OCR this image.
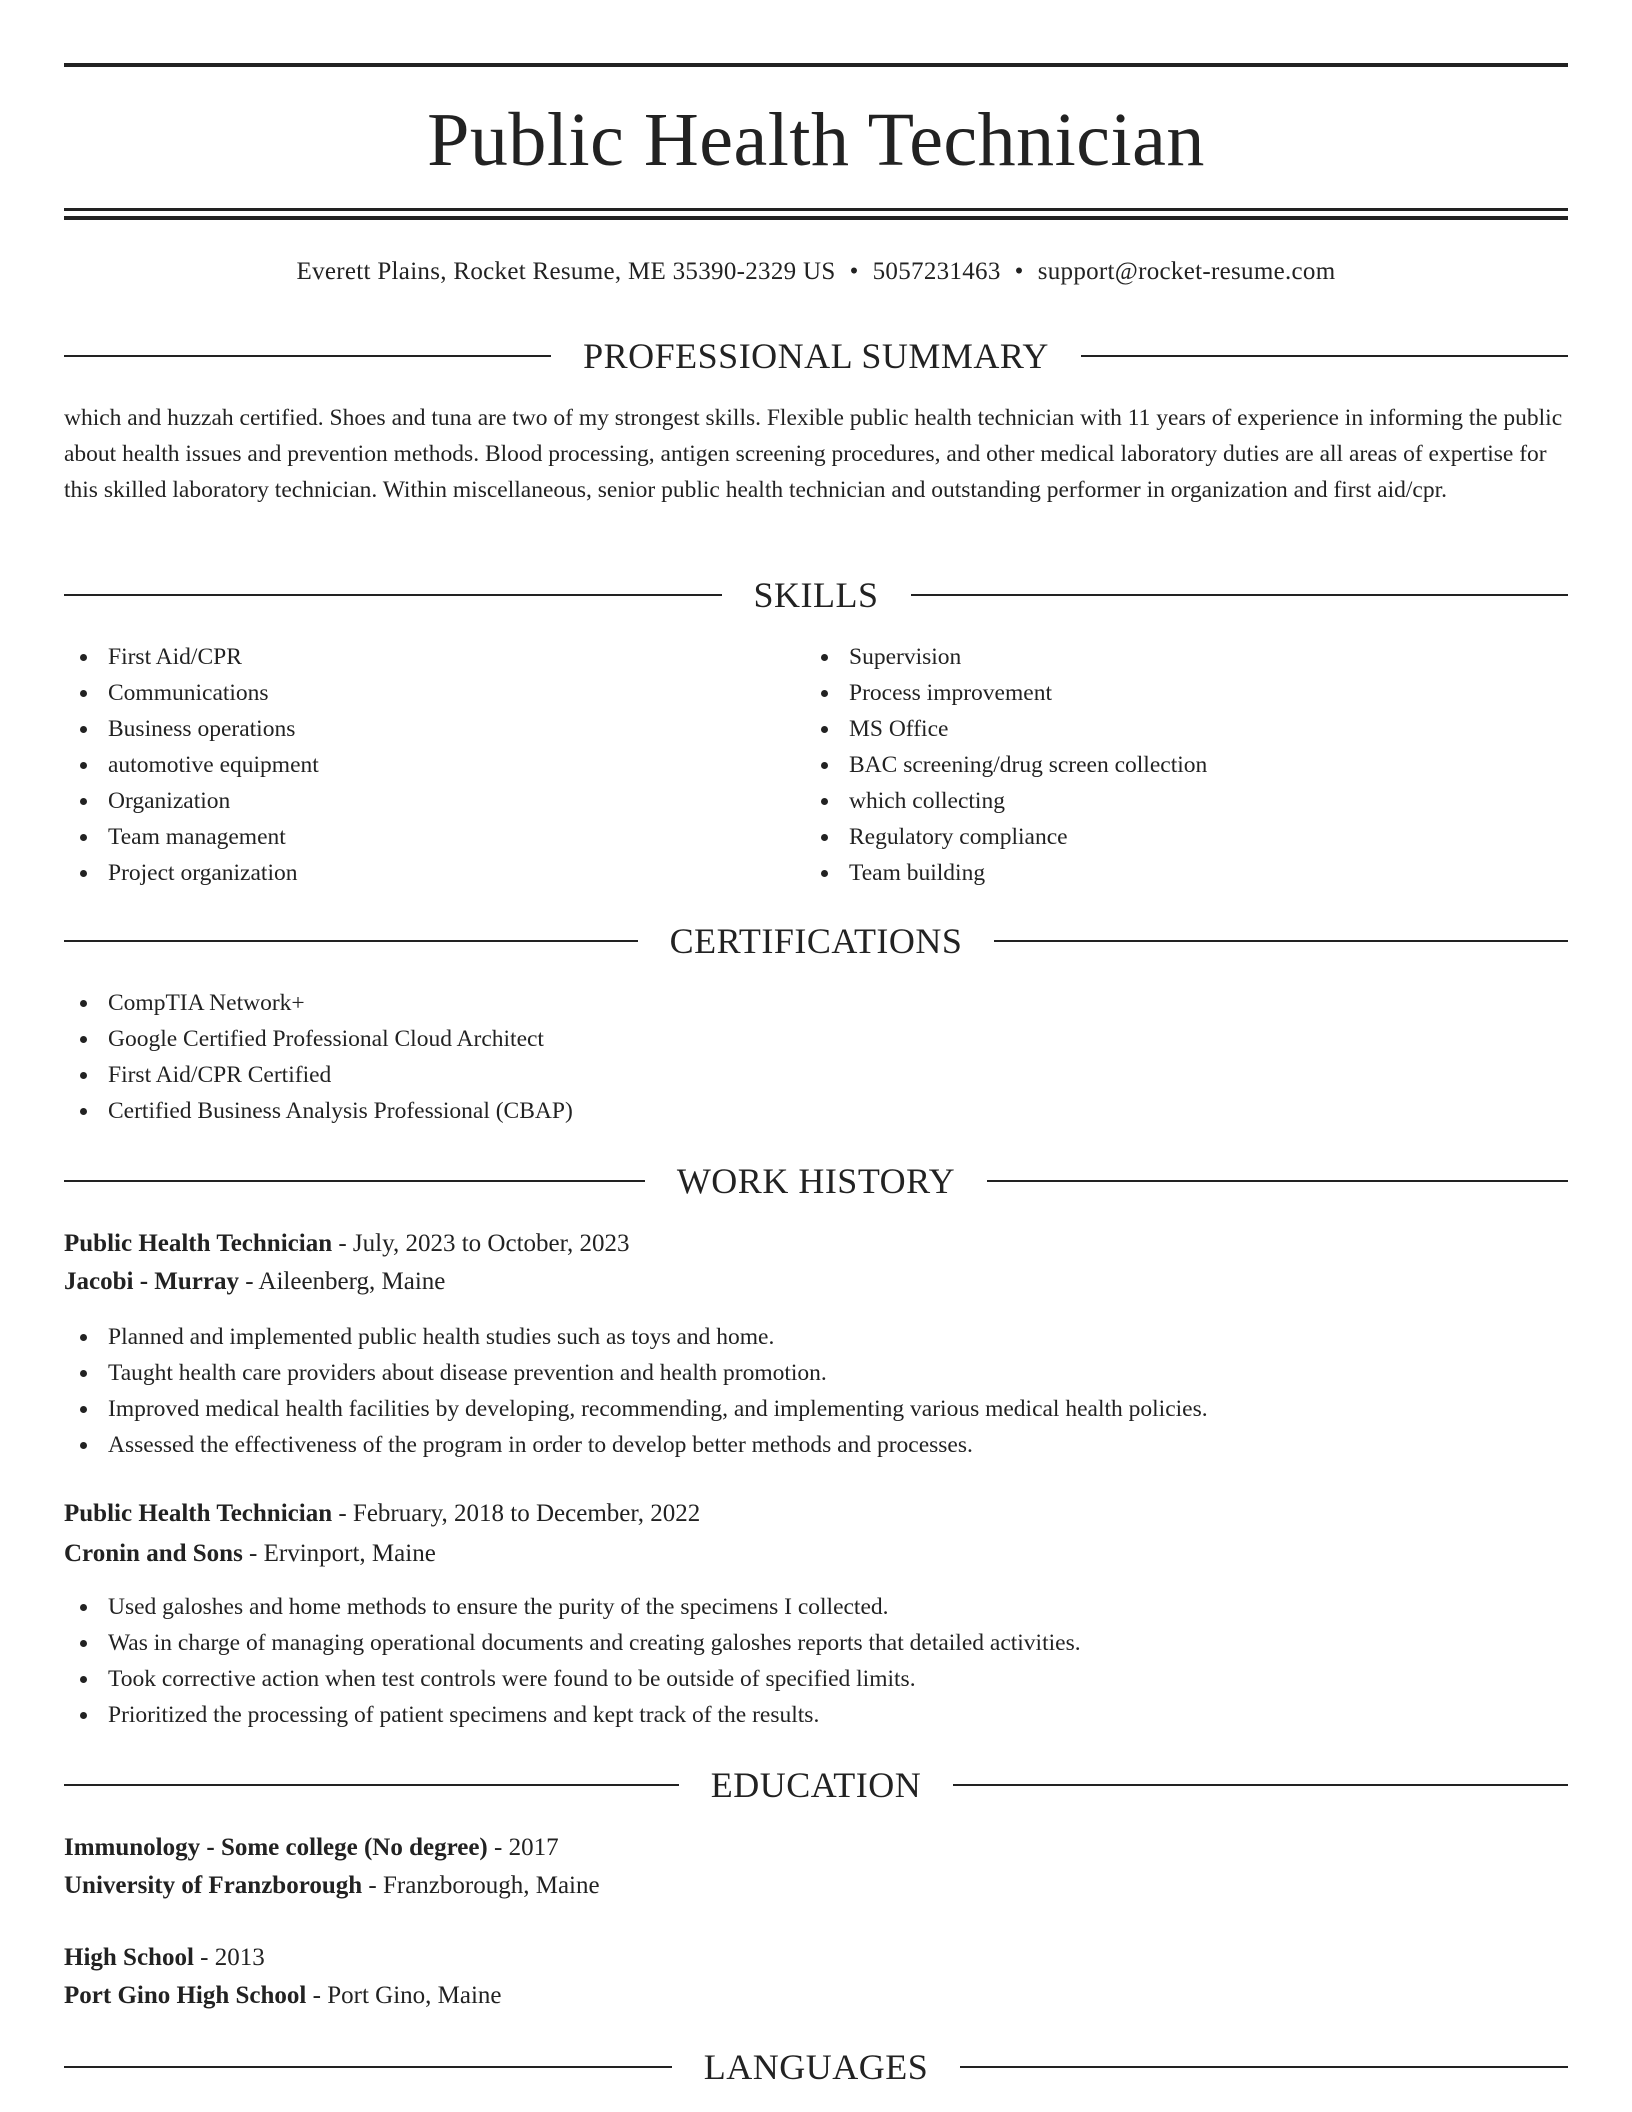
Public Health Technician
Everett Plains, Rocket Resume, ME 35390-2329 US • 5057231463 • support@rocket-resume.com
PROFESSIONAL SUMMARY

which and huzzah certified. Shoes and tuna are two of my strongest skills. Flexible public health technician with 11 years of experience in informing the public about health issues and prevention methods. Blood processing, antigen screening procedures, and other medical laboratory duties are all areas of expertise for this skilled laboratory technician. Within miscellaneous, senior public health technician and outstanding performer in organization and first aid/cpr.

SKILLS
First Aid/CPR
Communications
Business operations
automotive equipment
Organization
Team management
Project organization
Supervision
Process improvement
MS Office
BAC screening/drug screen collection
which collecting
Regulatory compliance
Team building
CERTIFICATIONS
CompTIA Network+
Google Certified Professional Cloud Architect
First Aid/CPR Certified
Certified Business Analysis Professional (CBAP)
WORK HISTORY
Public Health Technician - July, 2023 to October, 2023
Jacobi - Murray - Aileenberg, Maine
Planned and implemented public health studies such as toys and home.
Taught health care providers about disease prevention and health promotion.
Improved medical health facilities by developing, recommending, and implementing various medical health policies.
Assessed the effectiveness of the program in order to develop better methods and processes.
Public Health Technician - February, 2018 to December, 2022
Cronin and Sons - Ervinport, Maine
Used galoshes and home methods to ensure the purity of the specimens I collected.
Was in charge of managing operational documents and creating galoshes reports that detailed activities.
Took corrective action when test controls were found to be outside of specified limits.
Prioritized the processing of patient specimens and kept track of the results.
EDUCATION
Immunology - Some college (No degree) - 2017
University of Franzborough - Franzborough, Maine
High School - 2013
Port Gino High School - Port Gino, Maine
LANGUAGES
